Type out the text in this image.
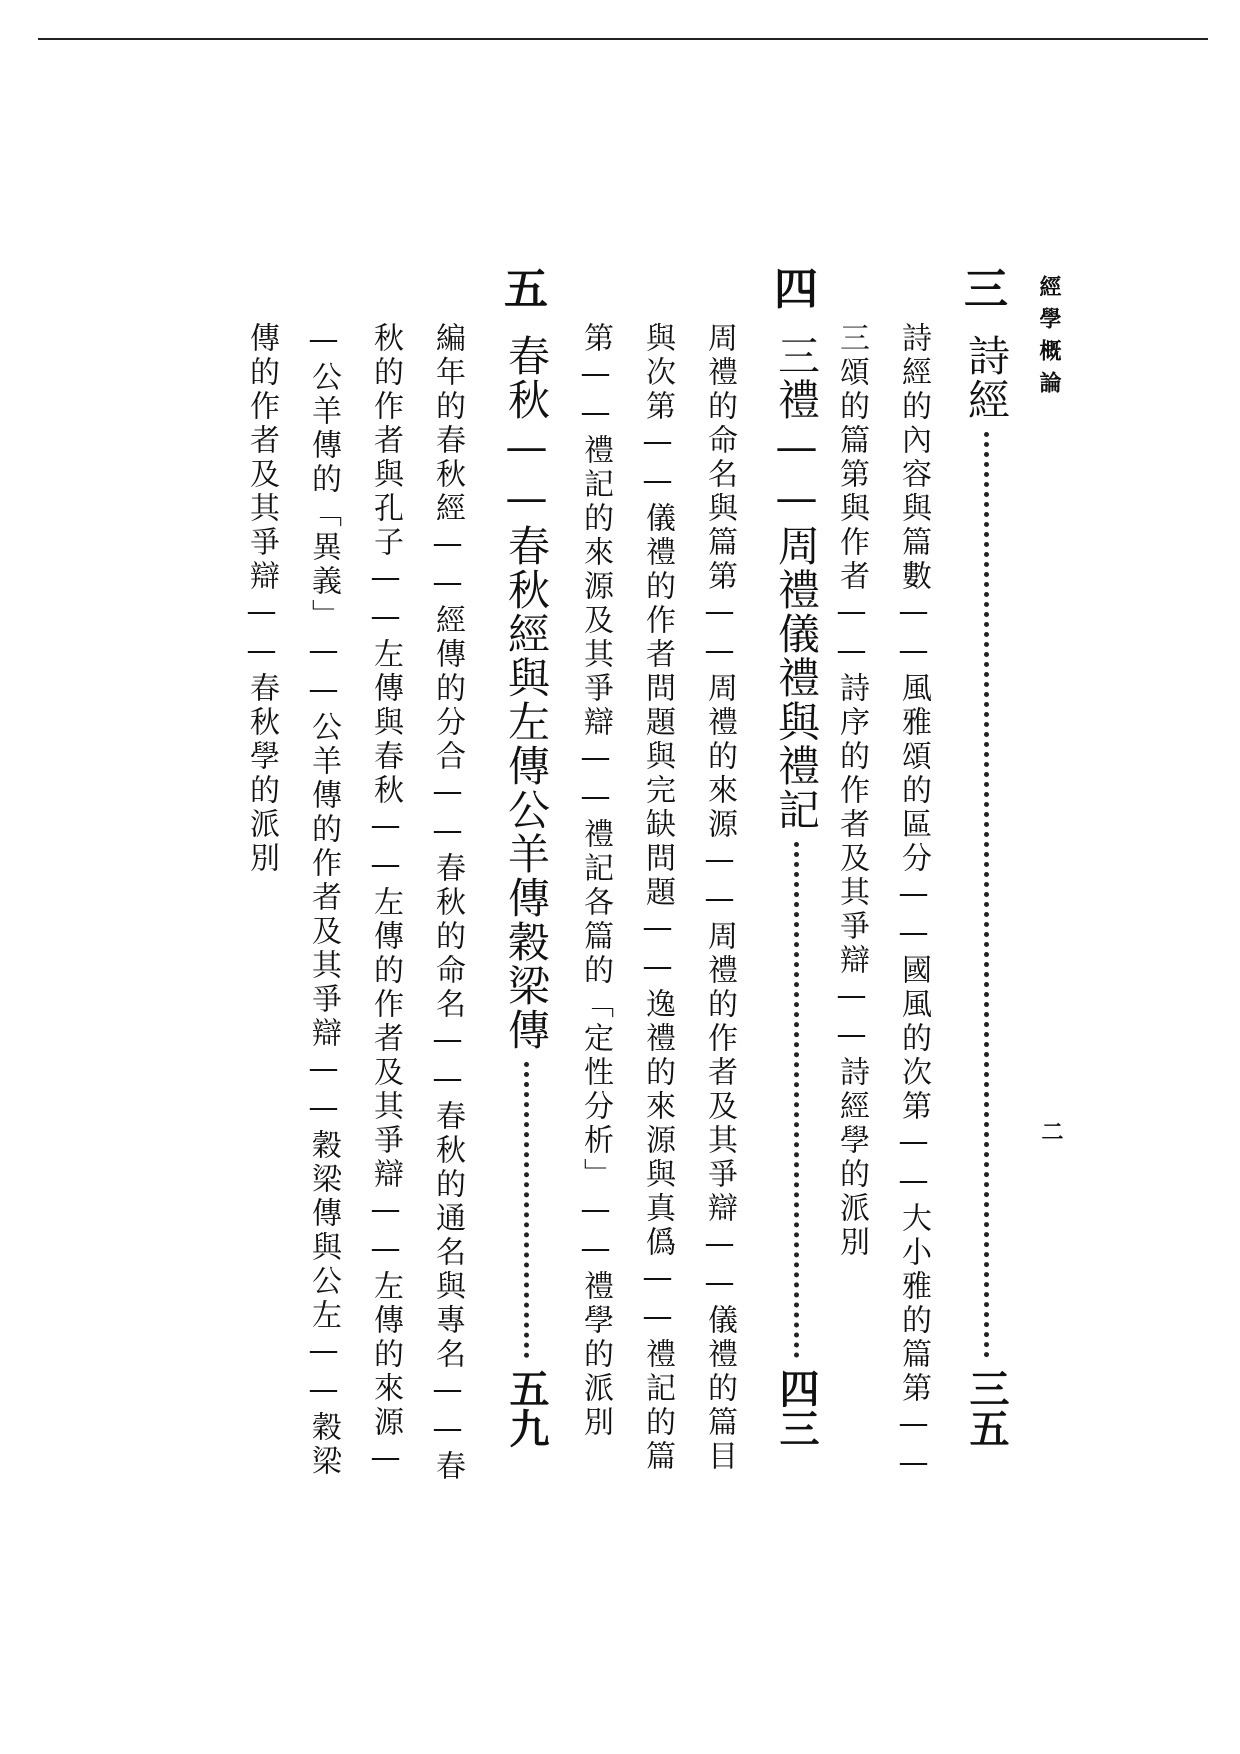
經學概論
二
三
詩經
三五
詩經的內容與篇數——風雅頌的區分——國風的次第——大小雅的篇第——
三頌的篇第與作者——詩序的作者及其爭辯——詩經學的派別
四
三禮——周禮儀禮與禮記
四三
周禮的命名與篇第——周禮的來源——周禮的作者及其爭辯——儀禮的篇目
與次第——儀禮的作者問題與完缺問題——逸禮的來源與真僞——禮記的篇
第——禮記的來源及其爭辯——禮記各篇的「定性分析」——禮學的派別
五
春秋——春秋經與左傳公羊傳穀梁傳
五九
編年的春秋經——經傳的分合——春秋的命名——春秋的通名與專名——春
秋的作者與孔子——左傳與春秋——左傳的作者及其爭辯——左傳的來源—
—公羊傳的「異義」——公羊傳的作者及其爭辯——穀梁傳與公左——穀梁
傳的作者及其爭辯——春秋學的派別
